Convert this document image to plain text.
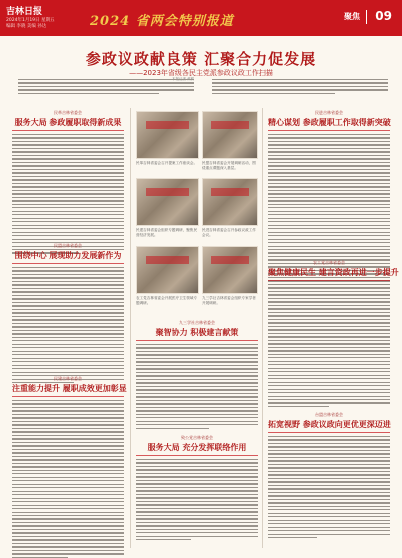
吉林日报
2024年1月19日 星期五
编辑 李晓 美编 孙达	2024 省两会特别报道	聚焦 09
参政议政献良策 汇聚合力促发展
——2023年省级各民主党派参政议政工作扫描
民革吉林省委会
服务大局 参政履职取得新成果
民盟吉林省委会
围绕中心 展现助力发展新作为
民建吉林省委会
注重能力提升 履职成效更加彰显
民革吉林省委会召开提案工作座谈会。	民盟吉林省委会开展调研活动，围绕重点课题深入基层。
民建吉林省委会组织专题调研，聚焦民营经济发展。
民进吉林省委会召开参政议政工作会议。
农工党吉林省委会开展医疗卫生领域专题调研。
九三学社吉林省委会组织专家学者开展调研。
九三学社吉林省委会
聚智协力 积极建言献策
致公党吉林省委会
服务大局 充分发挥联络作用
民进吉林省委会
精心谋划 参政履职工作取得新突破
农工党吉林省委会
聚焦健康民生 建言资政再进一步提升
台盟吉林省委会
拓宽视野 参政议政向更优更深迈进
